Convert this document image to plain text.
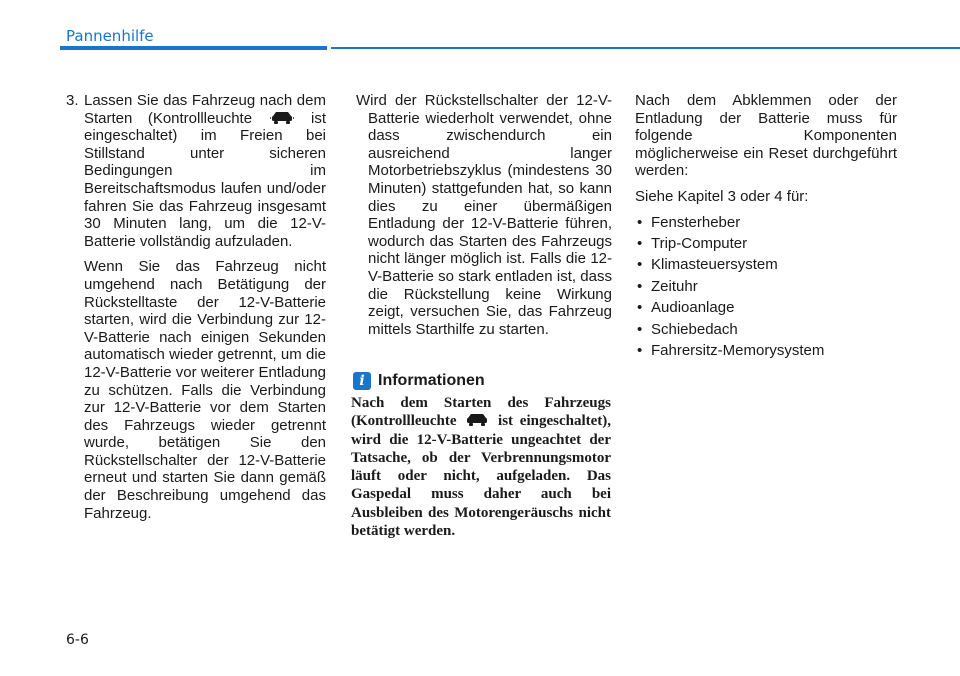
Pannenhilfe

3. Lassen Sie das Fahrzeug nach dem Starten (Kontrollleuchte	ist eingeschaltet) im Freien bei Stillstand unter sicheren Bedingungen im Bereitschaftsmodus laufen und/oder fahren Sie das Fahrzeug insgesamt 30 Minuten lang, um die 12-V-Batterie vollständig aufzuladen.

Wenn Sie das Fahrzeug nicht umgehend nach Betätigung der Rückstelltaste der 12-V-Batterie starten, wird die Verbindung zur 12-V-Batterie nach einigen Sekunden automatisch wieder getrennt, um die 12-V-Batterie vor weiterer Entladung zu schützen. Falls die Verbindung zur 12-V-Batterie vor dem Starten des Fahrzeugs wieder getrennt wurde, betätigen Sie den Rückstellschalter der 12-V-Batterie erneut und starten Sie dann gemäß der Beschreibung umgehend das Fahrzeug.

Wird der Rückstellschalter der 12-V-Batterie wiederholt verwendet, ohne dass zwischendurch ein ausreichend langer Motorbetriebszyklus (mindestens 30 Minuten) stattgefunden hat, so kann dies zu einer übermäßigen Entladung der 12-V-Batterie führen, wodurch das Starten des Fahrzeugs nicht länger möglich ist. Falls die 12-V-Batterie so stark entladen ist, dass die Rückstellung keine Wirkung zeigt, versuchen Sie, das Fahrzeug mittels Starthilfe zu starten.

i Informationen

Nach dem Starten des Fahrzeugs (Kontrollleuchte	ist eingeschaltet), wird die 12-V-Batterie ungeachtet der Tatsache, ob der Verbrennungsmotor läuft oder nicht, aufgeladen. Das Gaspedal muss daher auch bei Ausbleiben des Motorengeräuschs nicht betätigt werden.

Nach dem Abklemmen oder der Entladung der Batterie muss für folgende Komponenten möglicherweise ein Reset durchgeführt werden:

Siehe Kapitel 3 oder 4 für:

• Fensterheber
• Trip-Computer
• Klimasteuersystem
• Zeituhr
• Audioanlage
• Schiebedach
• Fahrersitz-Memorysystem
6-6
